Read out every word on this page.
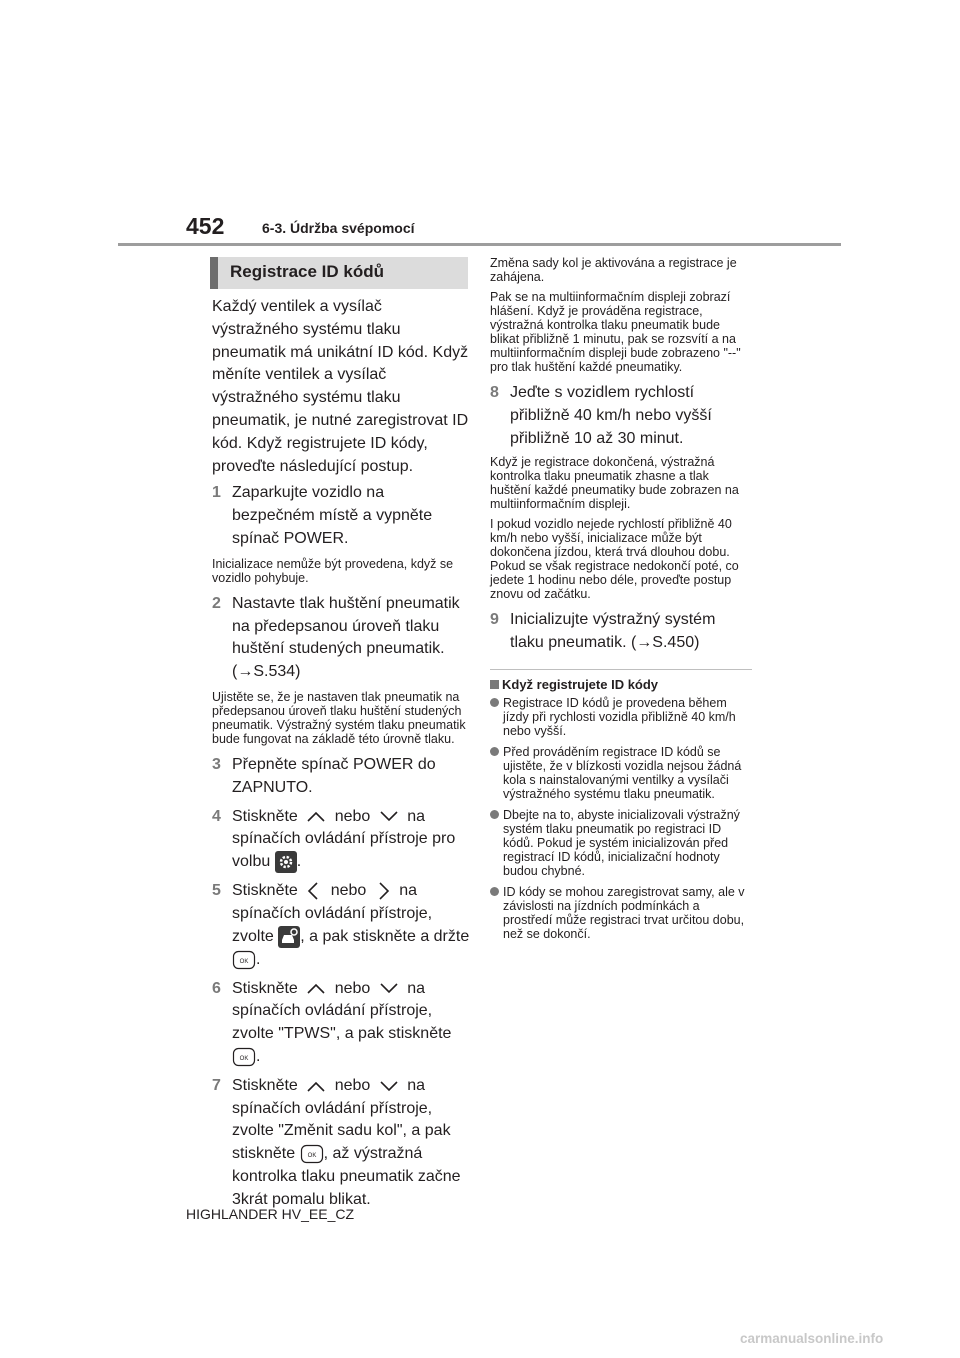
452	6-3. Údržba svépomocí
Registrace ID kódů

Každý ventilek a vysílač výstražného systému tlaku pneumatik má unikátní ID kód. Když měníte ventilek a vysílač výstražného systému tlaku pneumatik, je nutné zaregistrovat ID kód. Když registrujete ID kódy, proveďte následující postup.

1 Zaparkujte vozidlo na bezpečném místě a vypněte spínač POWER.

Inicializace nemůže být provedena, když se vozidlo pohybuje.

2 Nastavte tlak huštění pneumatik na předepsanou úroveň tlaku huštění studených pneumatik.
(→S.534)

Ujistěte se, že je nastaven tlak pneumatik na předepsanou úroveň tlaku huštění studených pneumatik. Výstražný systém tlaku pneumatik bude fungovat na základě této úrovně tlaku.

3 Přepněte spínač POWER do ZAPNUTO.
4 Stiskněte nebo na spínačích ovládání přístroje pro volbu .
5 Stiskněte nebo na spínačích ovládání přístroje, zvolte , a pak stiskněte a držte
OK .
6 Stiskněte nebo na spínačích ovládání přístroje, zvolte "TPWS", a pak stiskněte
OK .
7 Stiskněte nebo na spínačích ovládání přístroje, zvolte "Změnit sadu kol", a pak stiskněte OK , až výstražná kontrolka tlaku pneumatik začne 3krát pomalu blikat.

Změna sady kol je aktivována a registrace je zahájena.

Pak se na multiinformačním displeji zobrazí hlášení. Když je prováděna registrace, výstražná kontrolka tlaku pneumatik bude blikat přibližně 1 minutu, pak se rozsvítí a na multiinformačním displeji bude zobrazeno "--" pro tlak huštění každé pneumatiky.

8 Jeďte s vozidlem rychlostí přibližně 40 km/h nebo vyšší přibližně 10 až 30 minut.

Když je registrace dokončená, výstražná kontrolka tlaku pneumatik zhasne a tlak huštění každé pneumatiky bude zobrazen na multiinformačním displeji.

I pokud vozidlo nejede rychlostí přibližně 40 km/h nebo vyšší, inicializace může být dokončena jízdou, která trvá dlouhou dobu. Pokud se však registrace nedokončí poté, co jedete 1 hodinu nebo déle, proveďte postup znovu od začátku.

9 Inicializujte výstražný systém tlaku pneumatik. (→S.450)
Když registrujete ID kódy
Registrace ID kódů je provedena během jízdy při rychlosti vozidla přibližně 40 km/h nebo vyšší.
Před prováděním registrace ID kódů se ujistěte, že v blízkosti vozidla nejsou žádná kola s nainstalovanými ventilky a vysílači výstražného systému tlaku pneumatik.
Dbejte na to, abyste inicializovali výstražný systém tlaku pneumatik po registraci ID kódů. Pokud je systém inicializován před registrací ID kódů, inicializační hodnoty budou chybné.
ID kódy se mohou zaregistrovat samy, ale v závislosti na jízdních podmínkách a prostředí může registraci trvat určitou dobu, než se dokončí.
HIGHLANDER HV_EE_CZ
carmanualsonline.info
